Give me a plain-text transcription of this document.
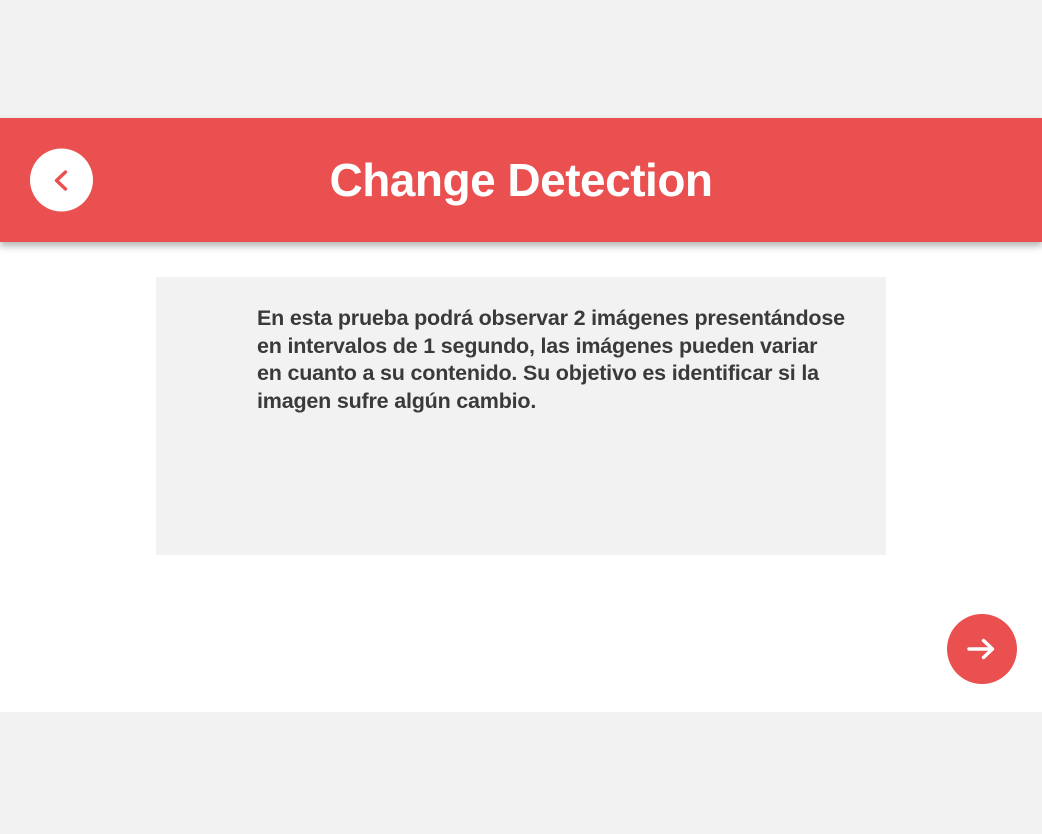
Change Detection
En esta prueba podrá observar 2 imágenes presentándose en intervalos de 1 segundo, las imágenes pueden variar en cuanto a su contenido. Su objetivo es identificar si la imagen sufre algún cambio.
